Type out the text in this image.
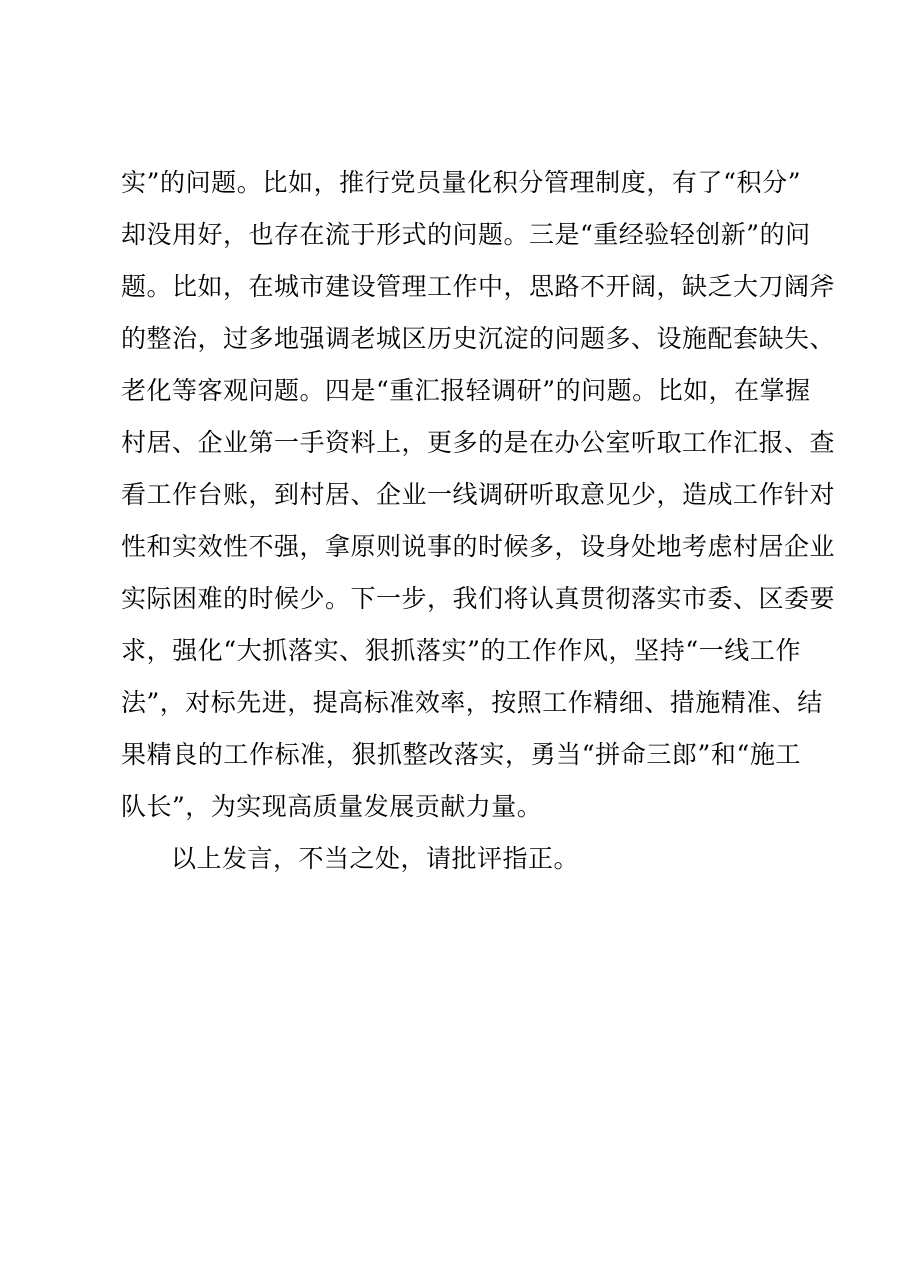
实”的问题。比如，推行党员量化积分管理制度，有了“积分”
却没用好，也存在流于形式的问题。三是“重经验轻创新”的问
题。比如，在城市建设管理工作中，思路不开阔，缺乏大刀阔斧
的整治，过多地强调老城区历史沉淀的问题多、设施配套缺失、
老化等客观问题。四是“重汇报轻调研”的问题。比如，在掌握
村居、企业第一手资料上，更多的是在办公室听取工作汇报、查
看工作台账，到村居、企业一线调研听取意见少，造成工作针对
性和实效性不强，拿原则说事的时候多，设身处地考虑村居企业
实际困难的时候少。下一步，我们将认真贯彻落实市委、区委要
求，强化“大抓落实、狠抓落实”的工作作风，坚持“一线工作
法”，对标先进，提高标准效率，按照工作精细、措施精准、结
果精良的工作标准，狠抓整改落实，勇当“拼命三郎”和“施工
队长”，为实现高质量发展贡献力量。
以上发言，不当之处，请批评指正。
